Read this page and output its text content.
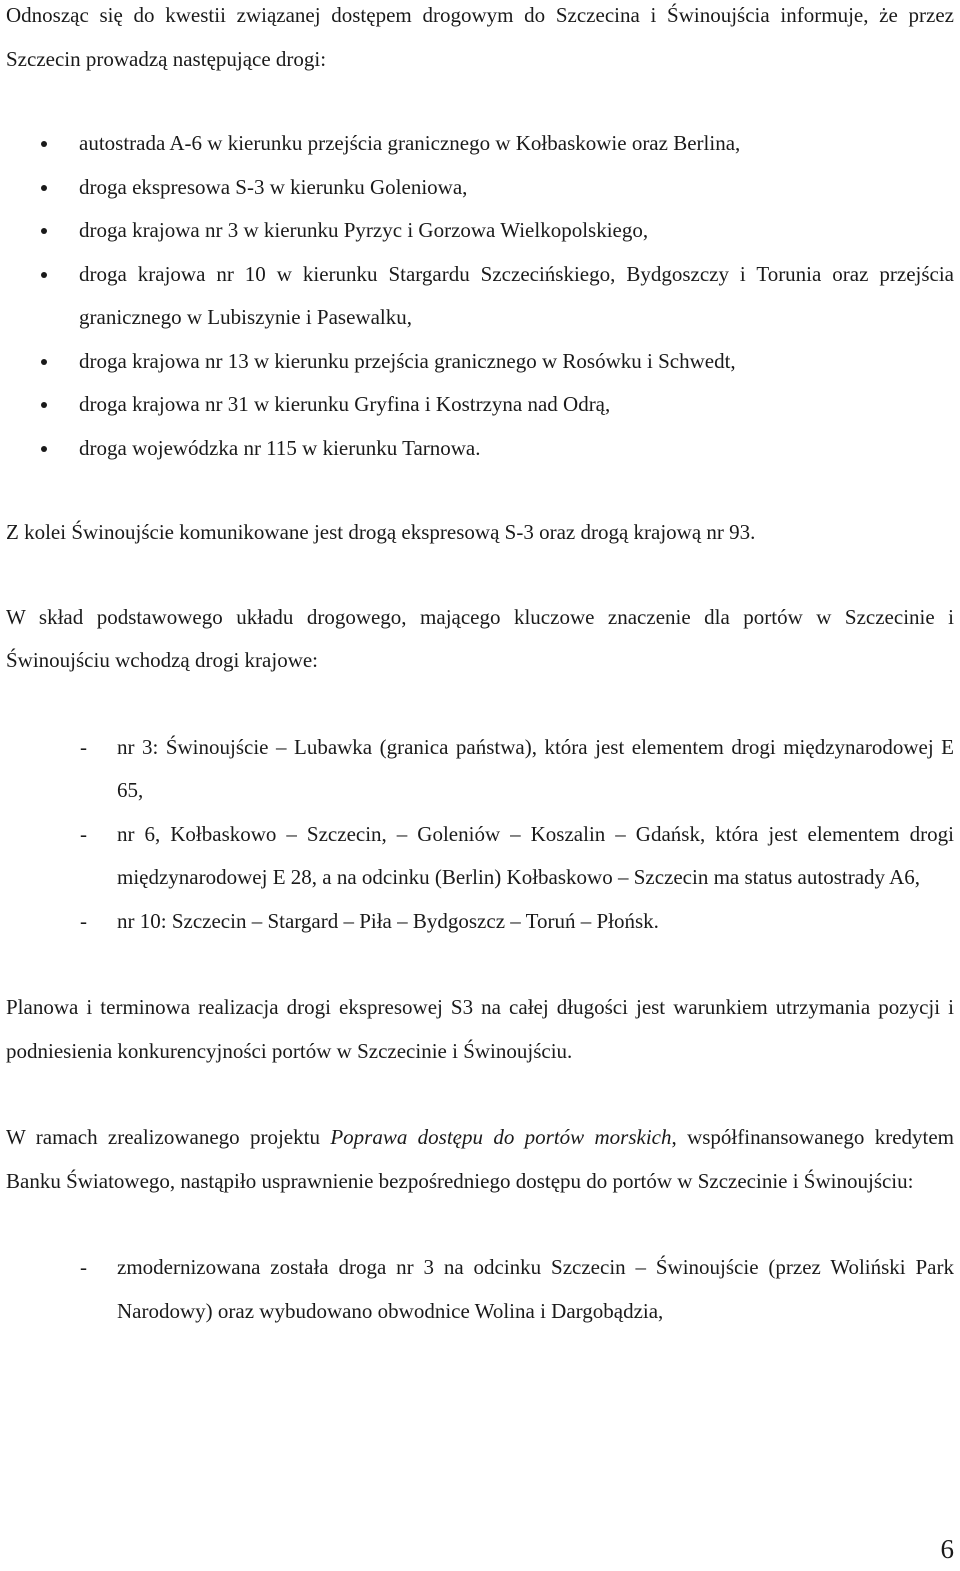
Odnosząc się do kwestii związanej dostępem drogowym do Szczecina i Świnoujścia informuje, że przez Szczecin prowadzą następujące drogi:

autostrada A-6 w kierunku przejścia granicznego w Kołbaskowie oraz Berlina,
droga ekspresowa S-3 w kierunku Goleniowa,
droga krajowa nr 3 w kierunku Pyrzyc i Gorzowa Wielkopolskiego,
droga krajowa nr 10 w kierunku Stargardu Szczecińskiego, Bydgoszczy i Torunia oraz przejścia granicznego w Lubiszynie i Pasewalku,
droga krajowa nr 13 w kierunku przejścia granicznego w Rosówku i Schwedt,
droga krajowa nr 31 w kierunku Gryfina i Kostrzyna nad Odrą,
droga wojewódzka nr 115 w kierunku Tarnowa.

Z kolei Świnoujście komunikowane jest drogą ekspresową S-3 oraz drogą krajową nr 93.

W skład podstawowego układu drogowego, mającego kluczowe znaczenie dla portów w Szczecinie i Świnoujściu wchodzą drogi krajowe:

- nr 3: Świnoujście – Lubawka (granica państwa), która jest elementem drogi międzynarodowej E 65,
- nr 6, Kołbaskowo – Szczecin, – Goleniów – Koszalin – Gdańsk, która jest elementem drogi międzynarodowej E 28, a na odcinku (Berlin) Kołbaskowo – Szczecin ma status autostrady A6,
- nr 10: Szczecin – Stargard – Piła – Bydgoszcz – Toruń – Płońsk.

Planowa i terminowa realizacja drogi ekspresowej S3 na całej długości jest warunkiem utrzymania pozycji i podniesienia konkurencyjności portów w Szczecinie i Świnoujściu.

W ramach zrealizowanego projektu Poprawa dostępu do portów morskich, współfinansowanego kredytem Banku Światowego, nastąpiło usprawnienie bezpośredniego dostępu do portów w Szczecinie i Świnoujściu:

- zmodernizowana została droga nr 3 na odcinku Szczecin – Świnoujście (przez Woliński Park Narodowy) oraz wybudowano obwodnice Wolina i Dargobądzia,
6
